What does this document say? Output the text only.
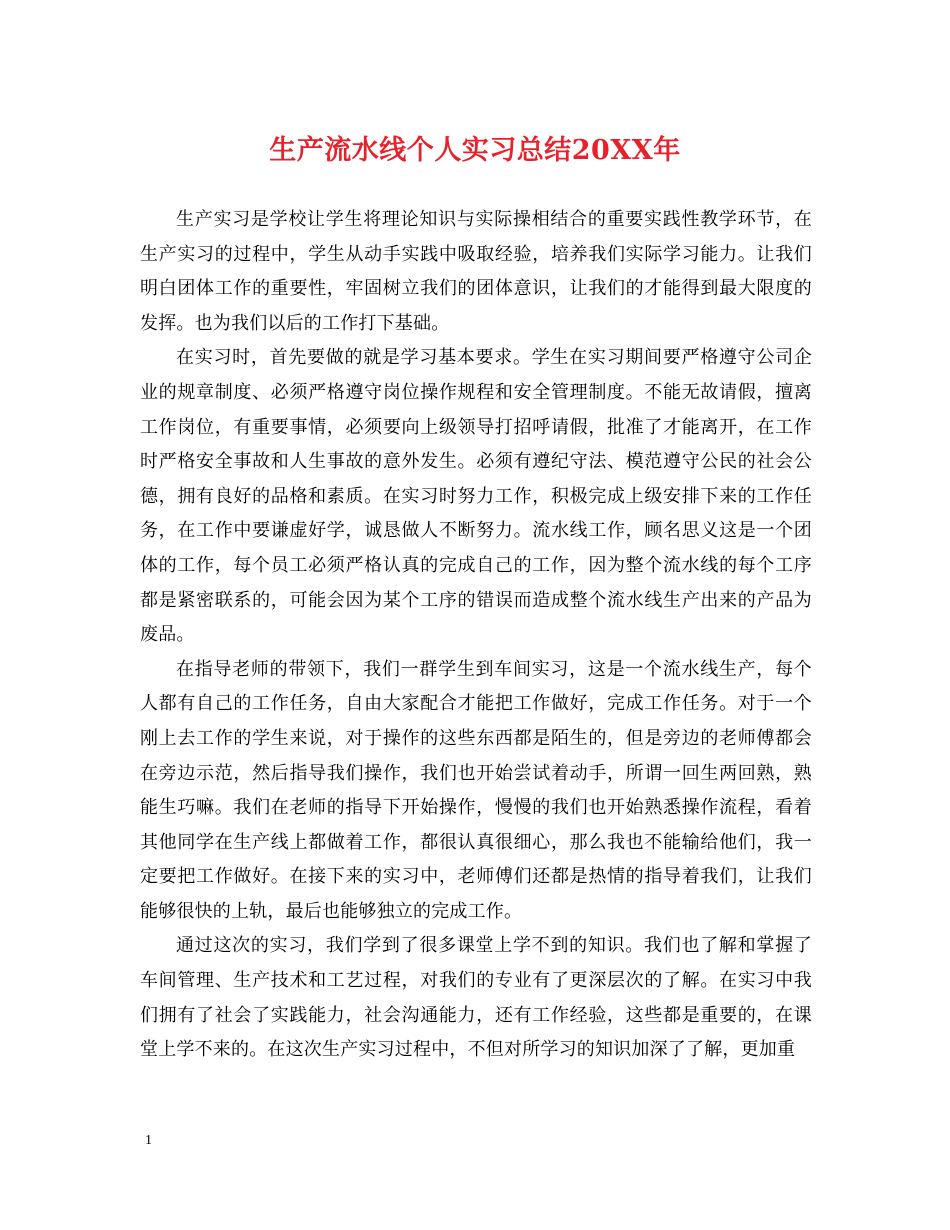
生产流水线个人实习总结20XX年

生产实习是学校让学生将理论知识与实际操相结合的重要实践性教学环节，在生产实习的过程中，学生从动手实践中吸取经验，培养我们实际学习能力。让我们明白团体工作的重要性，牢固树立我们的团体意识，让我们的才能得到最大限度的发挥。也为我们以后的工作打下基础。

在实习时，首先要做的就是学习基本要求。学生在实习期间要严格遵守公司企业的规章制度、必须严格遵守岗位操作规程和安全管理制度。不能无故请假，擅离工作岗位，有重要事情，必须要向上级领导打招呼请假，批准了才能离开，在工作时严格安全事故和人生事故的意外发生。必须有遵纪守法、模范遵守公民的社会公德，拥有良好的品格和素质。在实习时努力工作，积极完成上级安排下来的工作任务，在工作中要谦虚好学，诚恳做人不断努力。流水线工作，顾名思义这是一个团体的工作，每个员工必须严格认真的完成自己的工作，因为整个流水线的每个工序都是紧密联系的，可能会因为某个工序的错误而造成整个流水线生产出来的产品为废品。

在指导老师的带领下，我们一群学生到车间实习，这是一个流水线生产，每个人都有自己的工作任务，自由大家配合才能把工作做好，完成工作任务。对于一个刚上去工作的学生来说，对于操作的这些东西都是陌生的，但是旁边的老师傅都会在旁边示范，然后指导我们操作，我们也开始尝试着动手，所谓一回生两回熟，熟能生巧嘛。我们在老师的指导下开始操作，慢慢的我们也开始熟悉操作流程，看着其他同学在生产线上都做着工作，都很认真很细心，那么我也不能输给他们，我一定要把工作做好。在接下来的实习中，老师傅们还都是热情的指导着我们，让我们能够很快的上轨，最后也能够独立的完成工作。

通过这次的实习，我们学到了很多课堂上学不到的知识。我们也了解和掌握了车间管理、生产技术和工艺过程，对我们的专业有了更深层次的了解。在实习中我们拥有了社会了实践能力，社会沟通能力，还有工作经验，这些都是重要的，在课堂上学不来的。在这次生产实习过程中，不但对所学习的知识加深了了解，更加重

1
